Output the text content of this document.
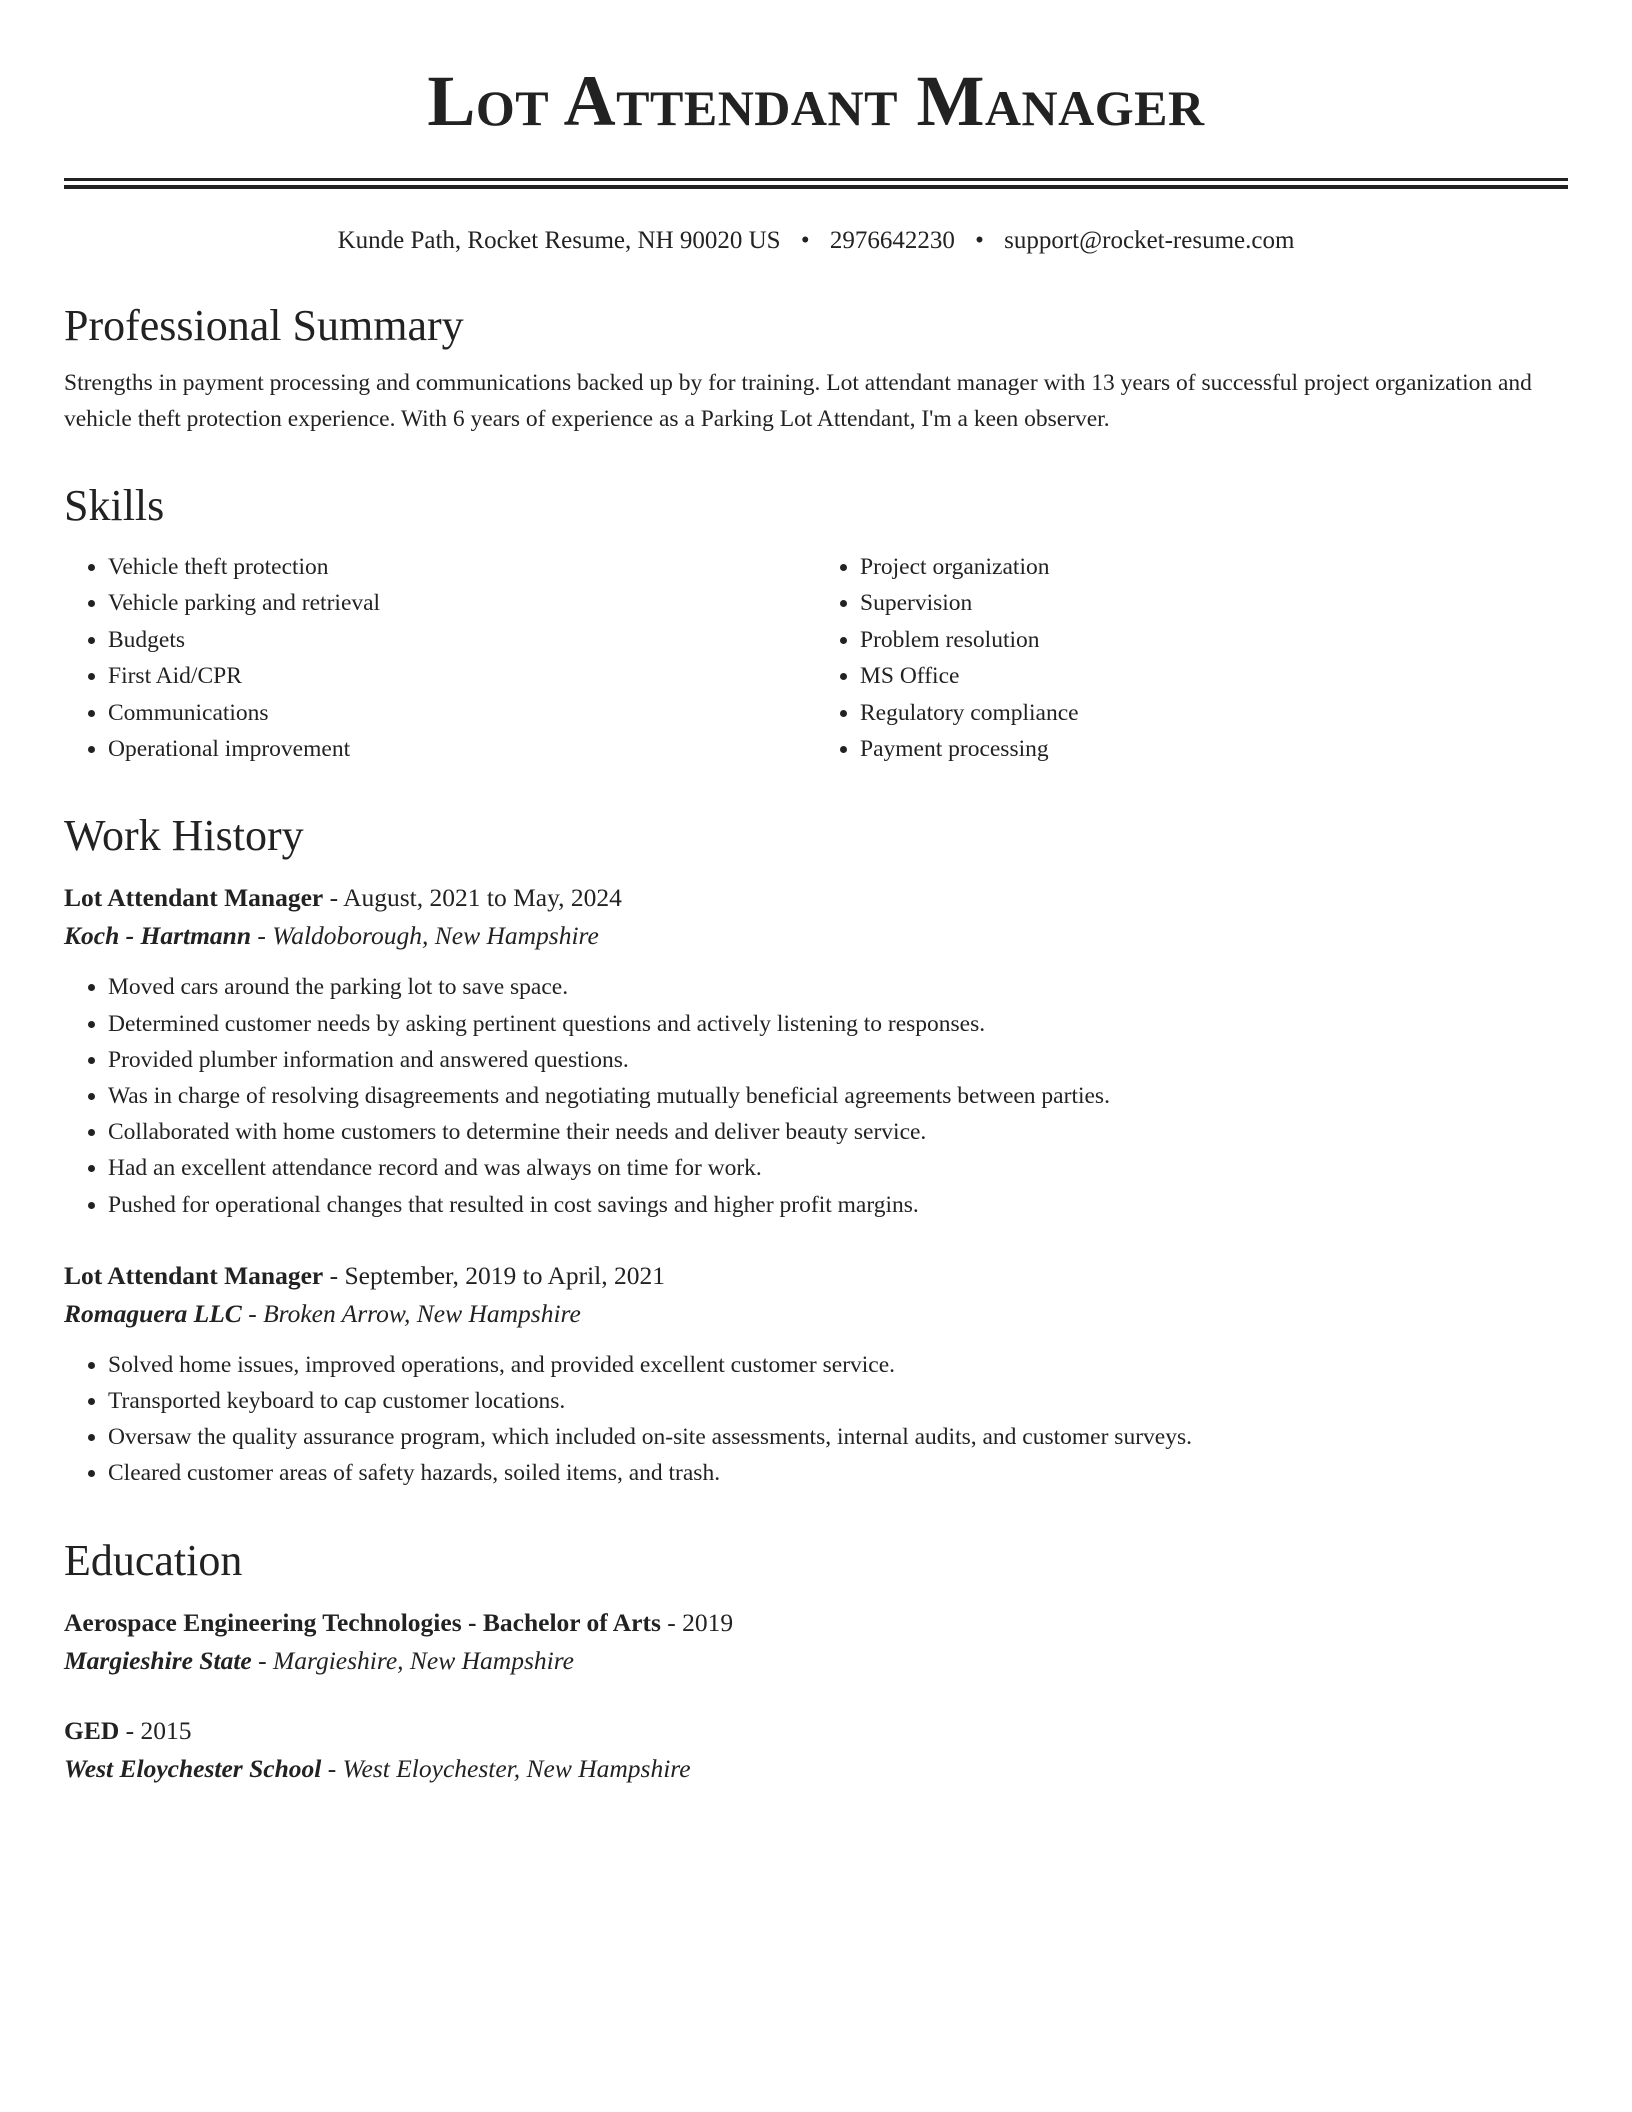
Lot Attendant Manager
Kunde Path, Rocket Resume, NH 90020 US • 2976642230 • support@rocket-resume.com
Professional Summary
Strengths in payment processing and communications backed up by for training. Lot attendant manager with 13 years of successful project organization and vehicle theft protection experience. With 6 years of experience as a Parking Lot Attendant, I'm a keen observer.
Skills
• Vehicle theft protection
• Vehicle parking and retrieval
• Budgets
• First Aid/CPR
• Communications
• Operational improvement
• Project organization
• Supervision
• Problem resolution
• MS Office
• Regulatory compliance
• Payment processing
Work History
Lot Attendant Manager - August, 2021 to May, 2024
Koch - Hartmann - Waldoborough, New Hampshire
• Moved cars around the parking lot to save space.
• Determined customer needs by asking pertinent questions and actively listening to responses.
• Provided plumber information and answered questions.
• Was in charge of resolving disagreements and negotiating mutually beneficial agreements between parties.
• Collaborated with home customers to determine their needs and deliver beauty service.
• Had an excellent attendance record and was always on time for work.
• Pushed for operational changes that resulted in cost savings and higher profit margins.
Lot Attendant Manager - September, 2019 to April, 2021
Romaguera LLC - Broken Arrow, New Hampshire
• Solved home issues, improved operations, and provided excellent customer service.
• Transported keyboard to cap customer locations.
• Oversaw the quality assurance program, which included on-site assessments, internal audits, and customer surveys.
• Cleared customer areas of safety hazards, soiled items, and trash.
Education
Aerospace Engineering Technologies - Bachelor of Arts - 2019
Margieshire State - Margieshire, New Hampshire
GED - 2015
West Eloychester School - West Eloychester, New Hampshire
